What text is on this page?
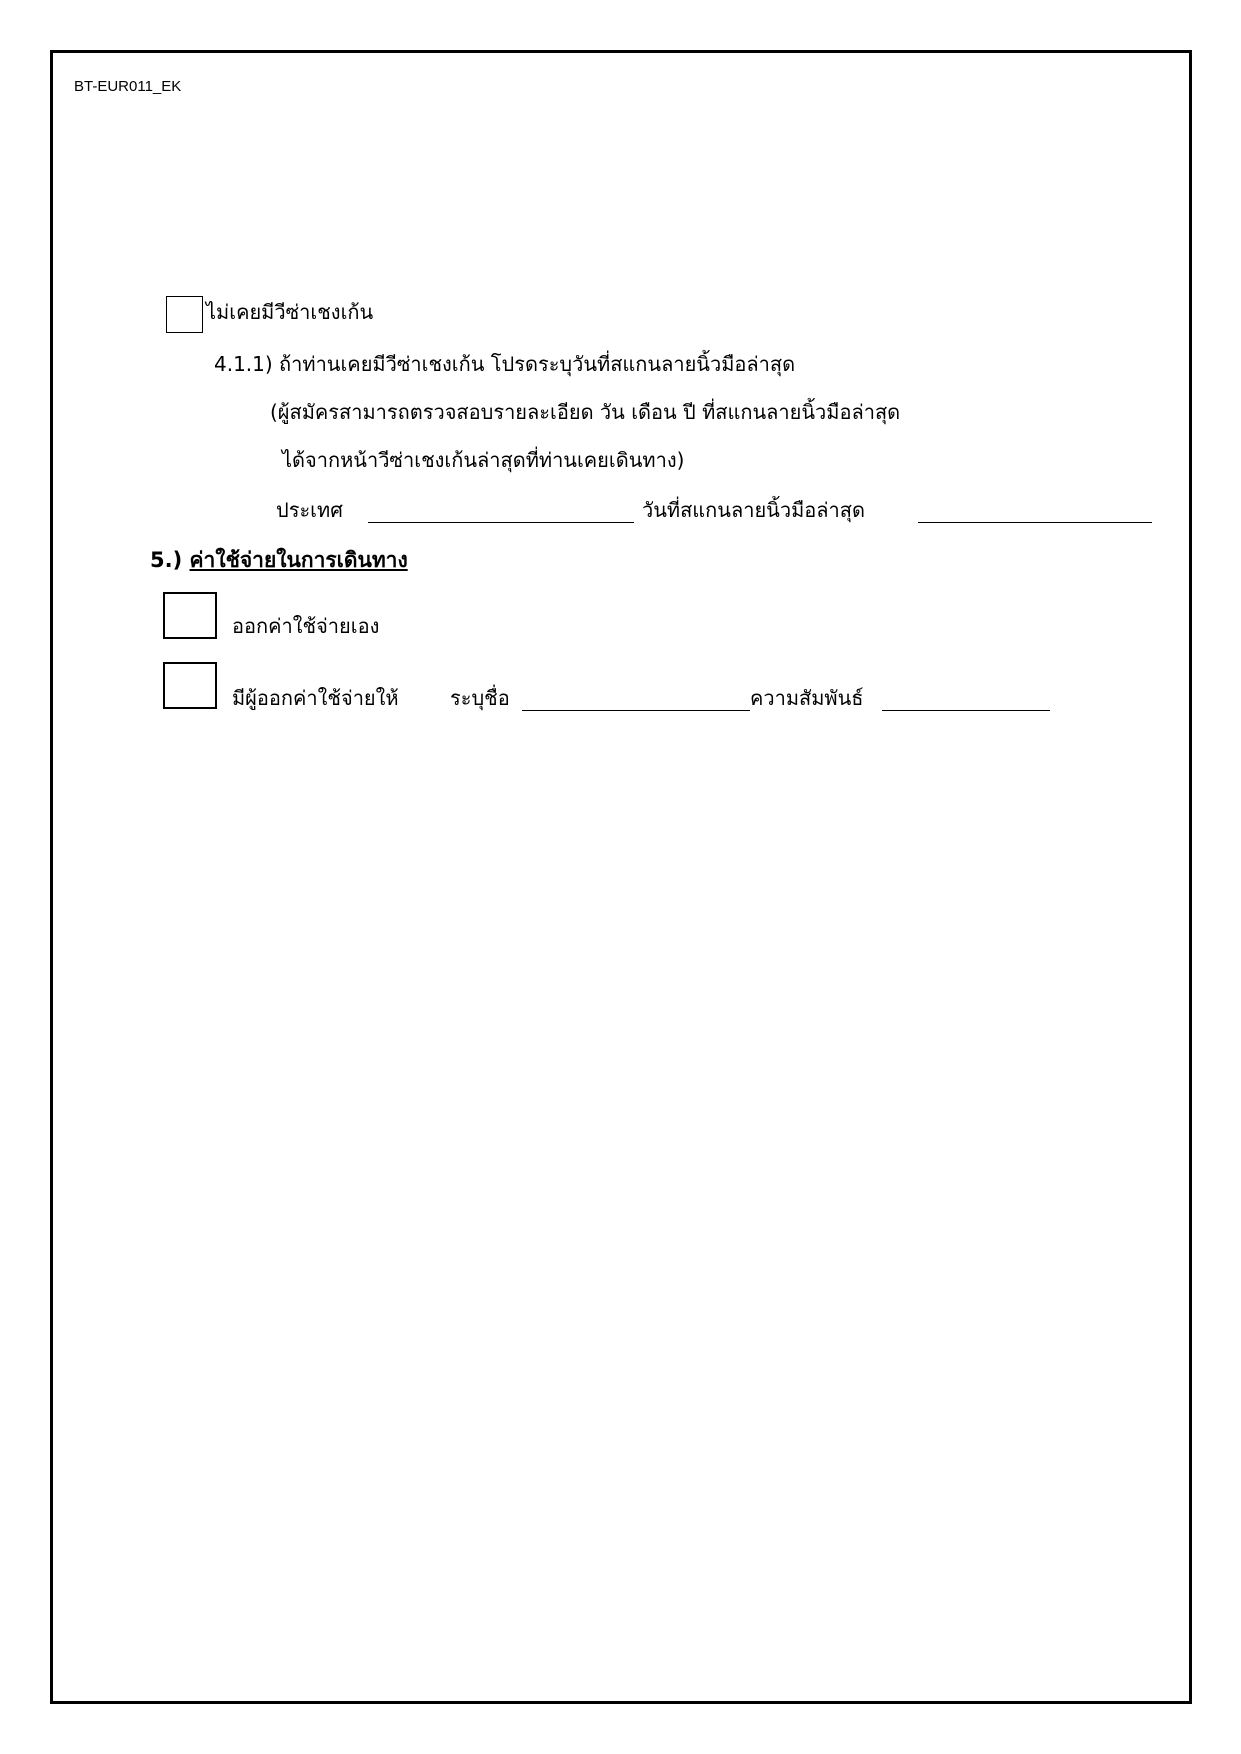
BT-EUR011_EK
ไม่เคยมีวีซ่าเชงเก้น
4.1.1) ถ้าท่านเคยมีวีซ่าเชงเก้น โปรดระบุวันที่สแกนลายนิ้วมือล่าสุด
(ผู้สมัครสามารถตรวจสอบรายละเอียด วัน เดือน ปี ที่สแกนลายนิ้วมือล่าสุด
ได้จากหน้าวีซ่าเชงเก้นล่าสุดที่ท่านเคยเดินทาง)
ประเทศ	วันที่สแกนลายนิ้วมือล่าสุด
5.) ค่าใช้จ่ายในการเดินทาง
ออกค่าใช้จ่ายเอง
มีผู้ออกค่าใช้จ่ายให้	ระบุชื่อ	ความสัมพันธ์
